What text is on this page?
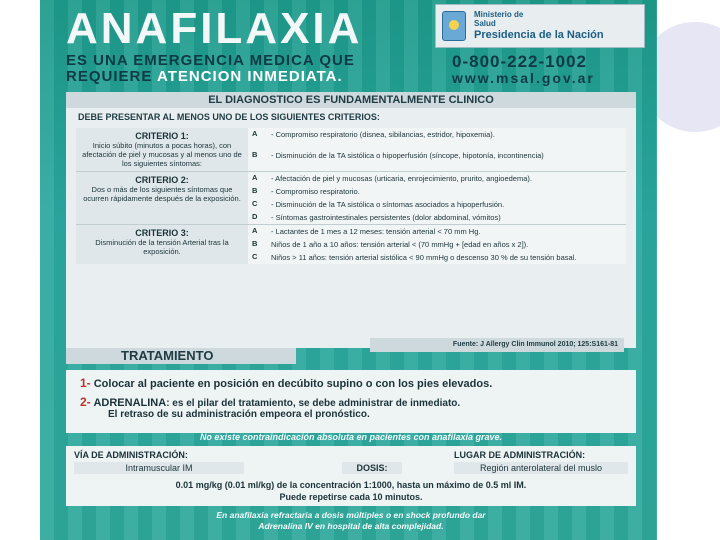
ANAFILAXIA
ES UNA EMERGENCIA MEDICA QUE
REQUIERE ATENCION INMEDIATA.
Ministerio de
Salud
Presidencia de la Nación
0-800-222-1002
www.msal.gov.ar
EL DIAGNOSTICO ES FUNDAMENTALMENTE CLINICO
DEBE PRESENTAR AL MENOS UNO DE LOS SIGUIENTES CRITERIOS:
CRITERIO 1:
Inicio súbito (minutos a pocas horas), con afectación de piel y mucosas y al menos uno de los siguientes síntomas:	A	- Compromiso respiratorio (disnea, sibilancias, estridor, hipoxemia).
	B	- Disminución de la TA sistólica o hipoperfusión (síncope, hipotonía, incontinencia)

CRITERIO 2:
Dos o más de los siguientes síntomas que ocurren rápidamente después de la exposición.	A	- Afectación de piel y mucosas (urticaria, enrojecimiento, prurito, angioedema).
	B	- Compromiso respiratorio.
	C	- Disminución de la TA sistólica o síntomas asociados a hipoperfusión.
	D	- Síntomas gastrointestinales persistentes (dolor abdominal, vómitos)

CRITERIO 3:
Disminución de la tensión Arterial tras la exposición.	A	- Lactantes de 1 mes a 12 meses: tensión arterial < 70 mm Hg.
	B	Niños de 1 año a 10 años: tensión arterial < (70 mmHg + [edad en años x 2]).
	C	Niños > 11 años: tensión arterial sistólica < 90 mmHg o descenso 30 % de su tensión basal.
Fuente: J Allergy Clin Immunol 2010; 125:S161-81
TRATAMIENTO
1- Colocar al paciente en posición en decúbito supino o con los pies elevados.
2- ADRENALINA: es el pilar del tratamiento, se debe administrar de inmediato.
El retraso de su administración empeora el pronóstico.
No existe contraindicación absoluta en pacientes con anafilaxia grave.
VÍA DE ADMINISTRACIÓN:	LUGAR DE ADMINISTRACIÓN:
Intramuscular IM	DOSIS:	Región anterolateral del muslo
0.01 mg/kg (0.01 ml/kg) de la concentración 1:1000, hasta un máximo de 0.5 ml IM.
Puede repetirse cada 10 minutos.
En anafilaxia refractaria a dosis múltiples o en shock profundo dar
Adrenalina IV en hospital de alta complejidad.
